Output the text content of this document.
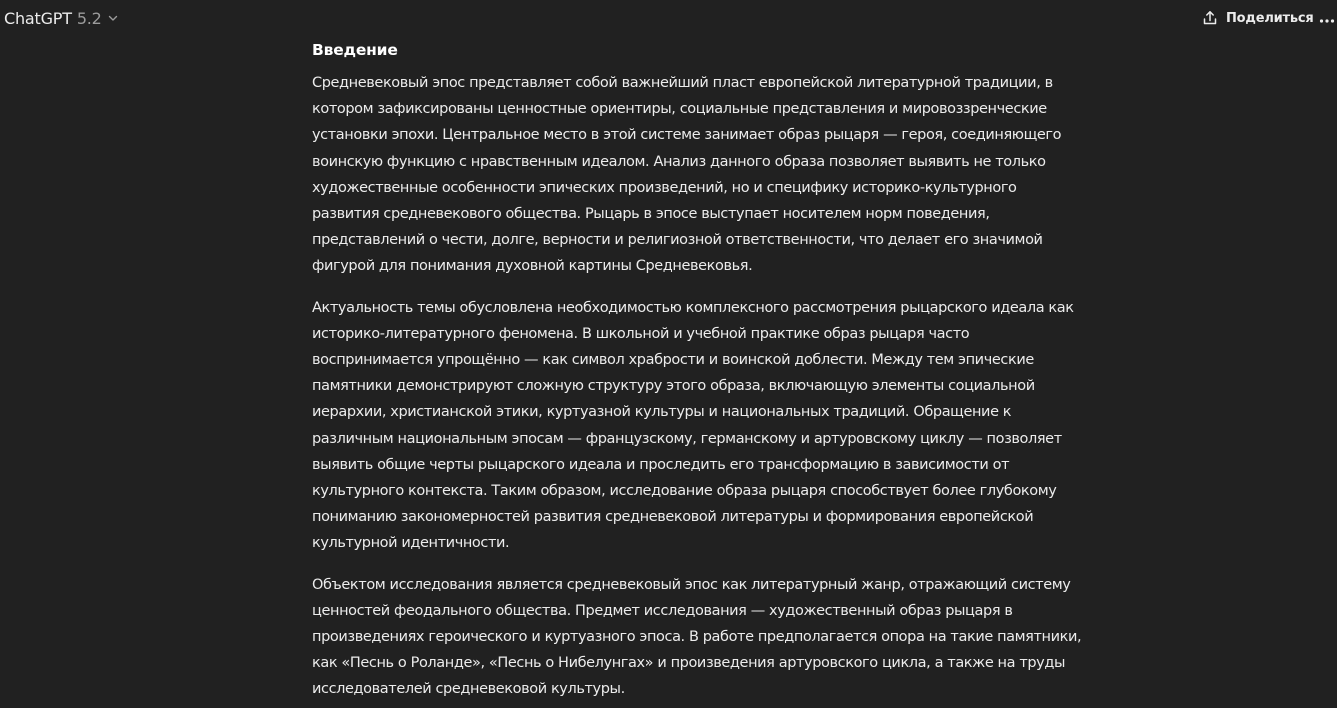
ChatGPT 5.2	Поделиться
Введение

Средневековый эпос представляет собой важнейший пласт европейской литературной традиции, в
котором зафиксированы ценностные ориентиры, социальные представления и мировоззренческие
установки эпохи. Центральное место в этой системе занимает образ рыцаря — героя, соединяющего
воинскую функцию с нравственным идеалом. Анализ данного образа позволяет выявить не только
художественные особенности эпических произведений, но и специфику историко-культурного
развития средневекового общества. Рыцарь в эпосе выступает носителем норм поведения,
представлений о чести, долге, верности и религиозной ответственности, что делает его значимой
фигурой для понимания духовной картины Средневековья.

Актуальность темы обусловлена необходимостью комплексного рассмотрения рыцарского идеала как
историко-литературного феномена. В школьной и учебной практике образ рыцаря часто
воспринимается упрощённо — как символ храбрости и воинской доблести. Между тем эпические
памятники демонстрируют сложную структуру этого образа, включающую элементы социальной
иерархии, христианской этики, куртуазной культуры и национальных традиций. Обращение к
различным национальным эпосам — французскому, германскому и артуровскому циклу — позволяет
выявить общие черты рыцарского идеала и проследить его трансформацию в зависимости от
культурного контекста. Таким образом, исследование образа рыцаря способствует более глубокому
пониманию закономерностей развития средневековой литературы и формирования европейской
культурной идентичности.

Объектом исследования является средневековый эпос как литературный жанр, отражающий систему
ценностей феодального общества. Предмет исследования — художественный образ рыцаря в
произведениях героического и куртуазного эпоса. В работе предполагается опора на такие памятники,
как «Песнь о Роланде», «Песнь о Нибелунгах» и произведения артуровского цикла, а также на труды
исследователей средневековой культуры.
